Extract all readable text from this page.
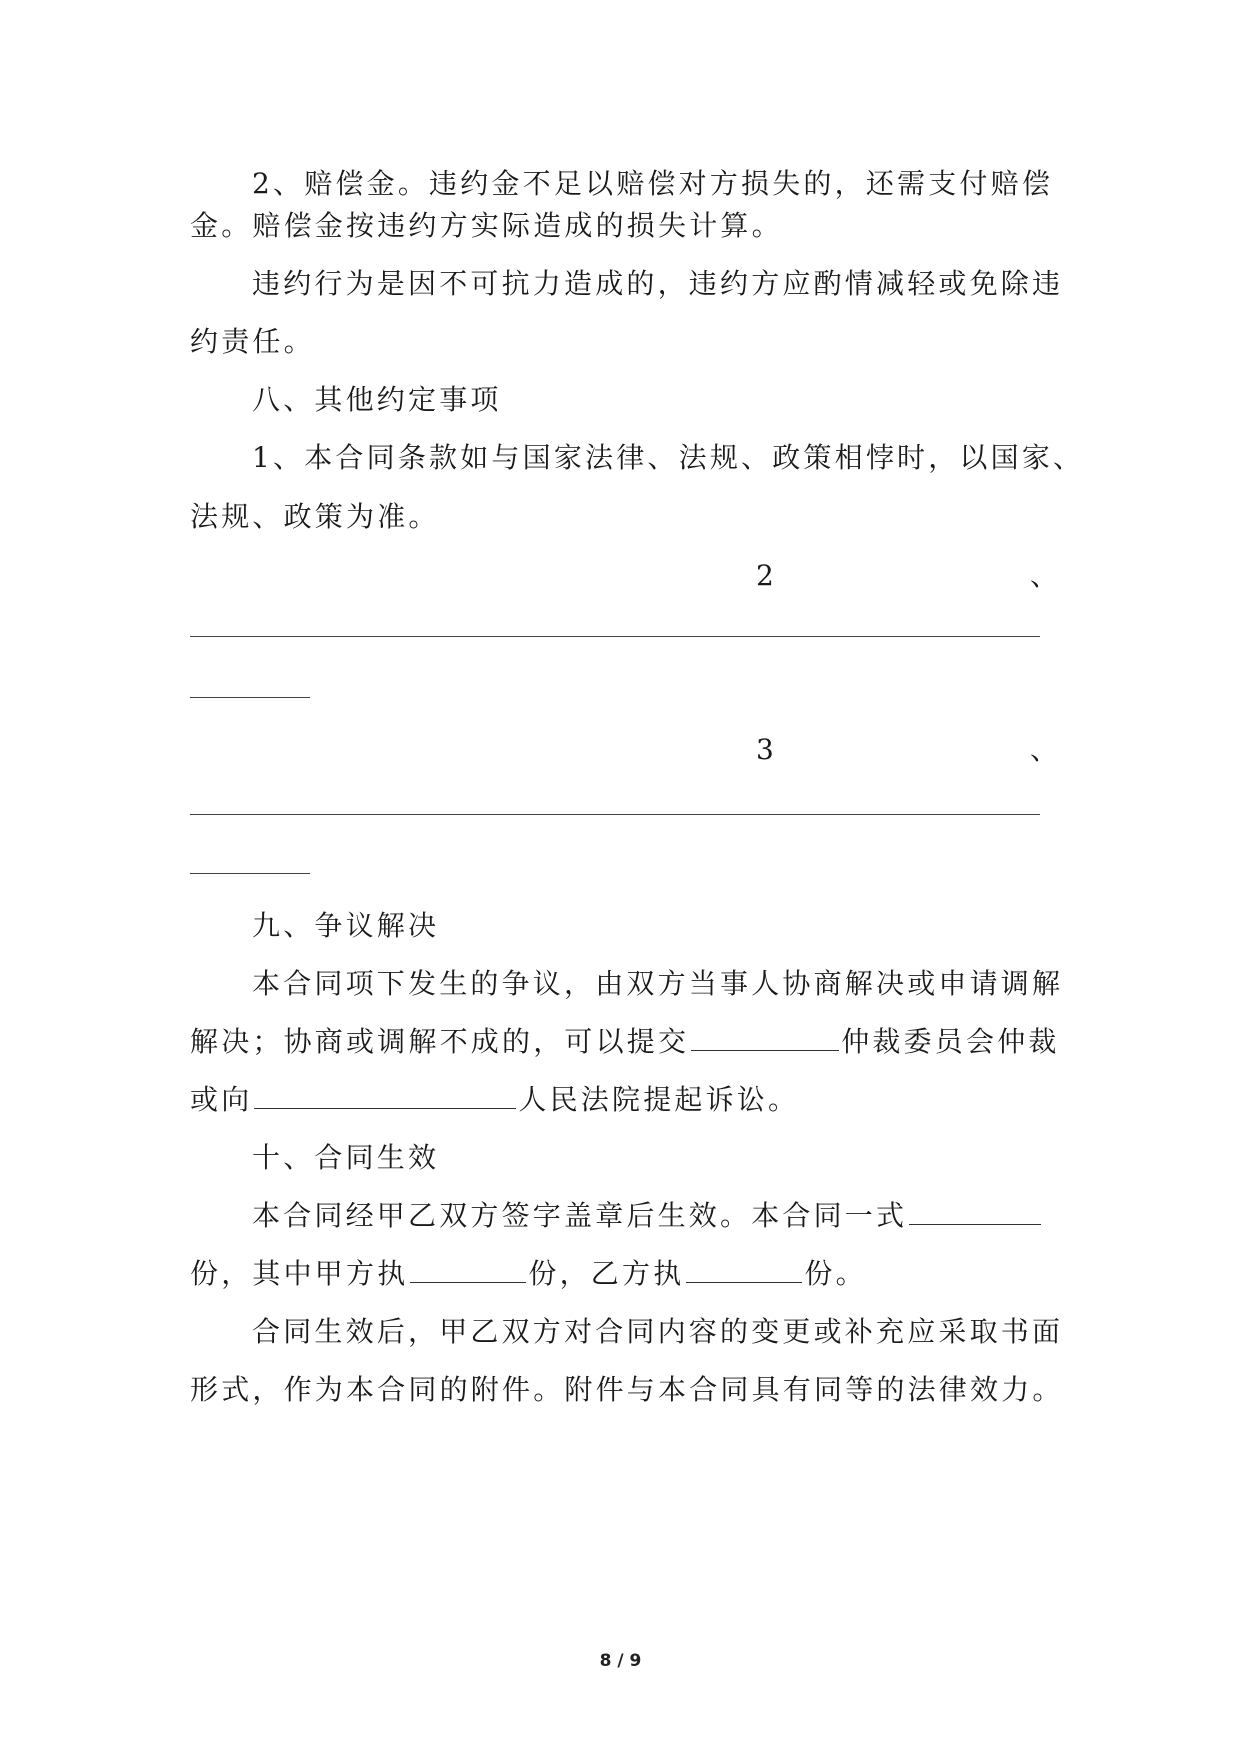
2、赔偿金。违约金不足以赔偿对方损失的，还需支付赔偿
金。赔偿金按违约方实际造成的损失计算。
违约行为是因不可抗力造成的，违约方应酌情减轻或免除违
约责任。
八、其他约定事项
1、本合同条款如与国家法律、法规、政策相悖时，以国家、
法规、政策为准。
2	、
3	、
九、争议解决
本合同项下发生的争议，由双方当事人协商解决或申请调解
解决；协商或调解不成的，可以提交	仲裁委员会仲裁
或向	人民法院提起诉讼。
十、合同生效
本合同经甲乙双方签字盖章后生效。本合同一式
份，其中甲方执	份，乙方执	份。
合同生效后，甲乙双方对合同内容的变更或补充应采取书面
形式，作为本合同的附件。附件与本合同具有同等的法律效力。
8 / 9
